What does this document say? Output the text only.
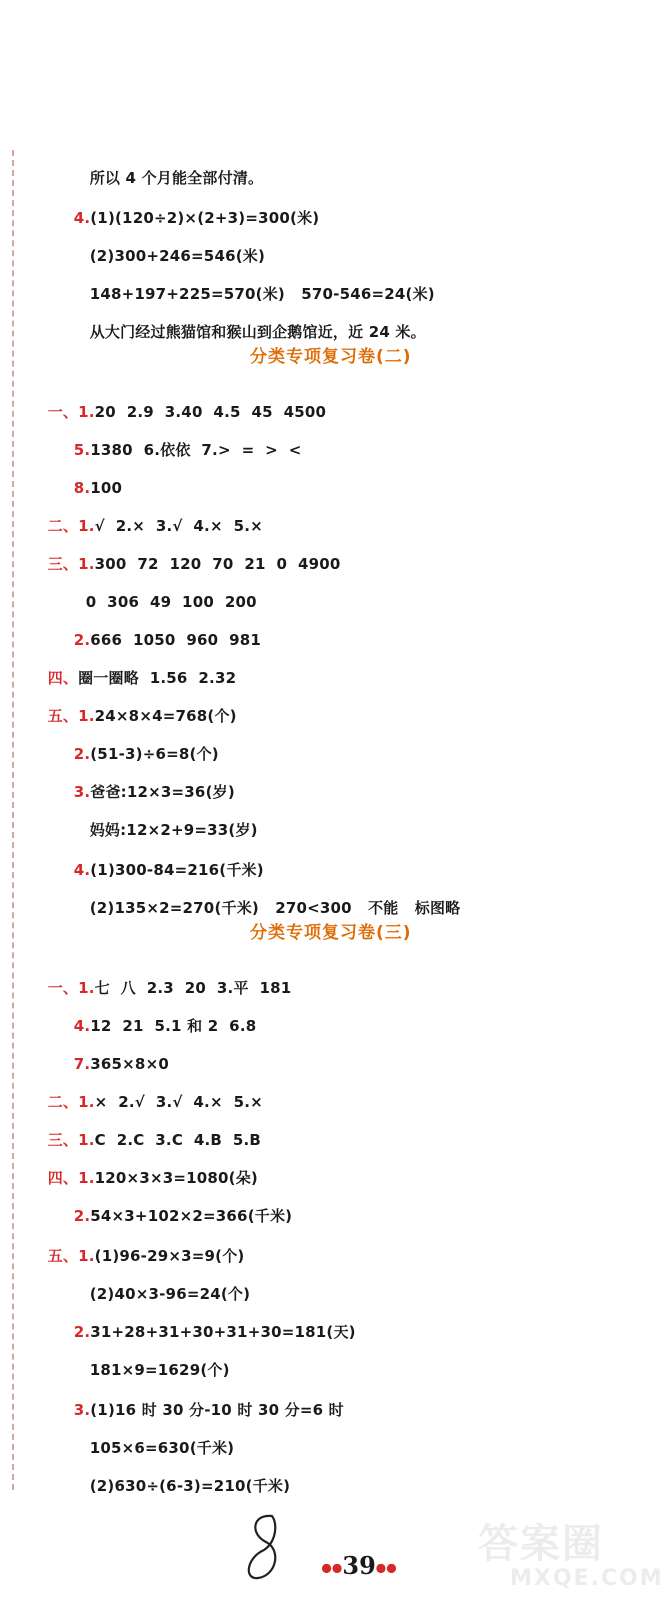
所以 4 个月能全部付清。

4.(1)(120÷2)×(2+3)=300(米)

(2)300+246=546(米)

148+197+225=570(米)   570-546=24(米)

从大门经过熊猫馆和猴山到企鹅馆近，近 24 米。

分类专项复习卷(二)

一、1.20  2.9  3.40  4.5  45  4500

5.1380  6.依依  7.>  =  >  <

8.100

二、1.√  2.×  3.√  4.×  5.×

三、1.300  72  120  70  21  0  4900

0  306  49  100  200

2.666  1050  960  981

四、圈一圈略  1.56  2.32

五、1.24×8×4=768(个)

2.(51-3)÷6=8(个)

3.爸爸:12×3=36(岁)

妈妈:12×2+9=33(岁)

4.(1)300-84=216(千米)

(2)135×2=270(千米)   270<300   不能   标图略

分类专项复习卷(三)

一、1.七  八  2.3  20  3.平  181

4.12  21  5.1 和 2  6.8

7.365×8×0

二、1.×  2.√  3.√  4.×  5.×

三、1.C  2.C  3.C  4.B  5.B

四、1.120×3×3=1080(朵)

2.54×3+102×2=366(千米)

五、1.(1)96-29×3=9(个)

(2)40×3-96=24(个)

2.31+28+31+30+31+30=181(天)

181×9=1629(个)

3.(1)16 时 30 分-10 时 30 分=6 时

105×6=630(千米)

(2)630÷(6-3)=210(千米)

●●39●●

答案圈
MXQE.COM
